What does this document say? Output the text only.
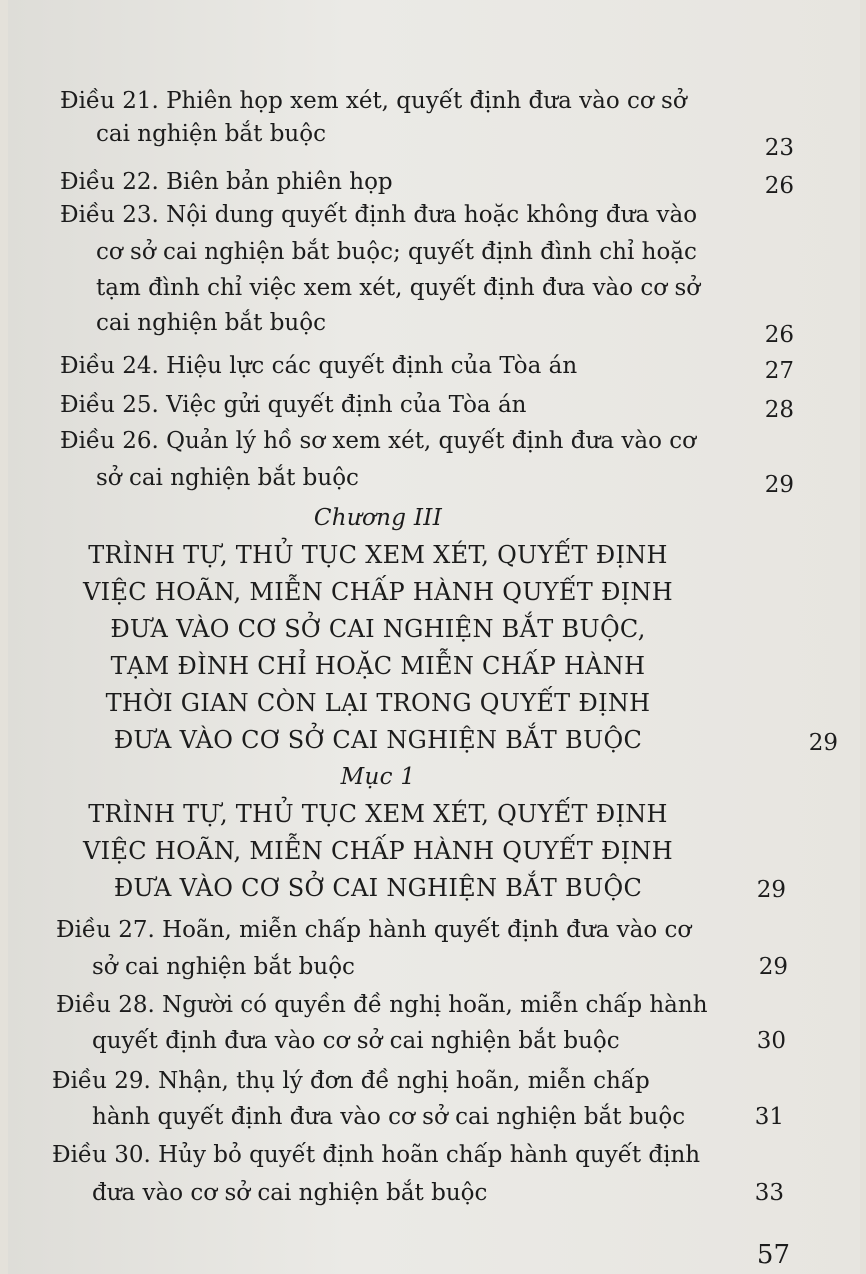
Điều 21. Phiên họp xem xét, quyết định đưa vào cơ sở
cai nghiện bắt buộc
23
Điều 22. Biên bản phiên họp	26
Điều 23. Nội dung quyết định đưa hoặc không đưa vào
cơ sở cai nghiện bắt buộc; quyết định đình chỉ hoặc
tạm đình chỉ việc xem xét, quyết định đưa vào cơ sở
cai nghiện bắt buộc	26
Điều 24. Hiệu lực các quyết định của Tòa án	27
Điều 25. Việc gửi quyết định của Tòa án	28
Điều 26. Quản lý hồ sơ xem xét, quyết định đưa vào cơ
sở cai nghiện bắt buộc	29
Chương III
TRÌNH TỰ, THỦ TỤC XEM XÉT, QUYẾT ĐỊNH
VIỆC HOÃN, MIỄN CHẤP HÀNH QUYẾT ĐỊNH
ĐƯA VÀO CƠ SỞ CAI NGHIỆN BẮT BUỘC,
TẠM ĐÌNH CHỈ HOẶC MIỄN CHẤP HÀNH
THỜI GIAN CÒN LẠI TRONG QUYẾT ĐỊNH
ĐƯA VÀO CƠ SỞ CAI NGHIỆN BẮT BUỘC	29
Mục 1
TRÌNH TỰ, THỦ TỤC XEM XÉT, QUYẾT ĐỊNH
VIỆC HOÃN, MIỄN CHẤP HÀNH QUYẾT ĐỊNH
ĐƯA VÀO CƠ SỞ CAI NGHIỆN BẮT BUỘC	29
Điều 27. Hoãn, miễn chấp hành quyết định đưa vào cơ
sở cai nghiện bắt buộc	29
Điều 28. Người có quyền đề nghị hoãn, miễn chấp hành
quyết định đưa vào cơ sở cai nghiện bắt buộc	30
Điều 29. Nhận, thụ lý đơn đề nghị hoãn, miễn chấp
hành quyết định đưa vào cơ sở cai nghiện bắt buộc	31
Điều 30. Hủy bỏ quyết định hoãn chấp hành quyết định
đưa vào cơ sở cai nghiện bắt buộc	33
57
